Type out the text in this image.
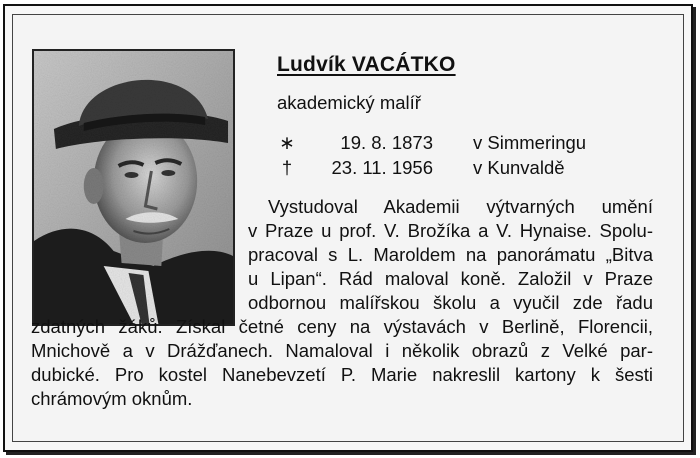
Ludvík VACÁTKO
akademický malíř
∗	19. 8. 1873 v Simmeringu
†	23. 11. 1956 v Kunvaldě
Vystudoval Akademii výtvarných umění
v Praze u prof. V. Brožíka a V. Hynaise. Spolu-
pracoval s L. Maroldem na panorámatu „Bitva
u Lipan“. Rád maloval koně. Založil v Praze
odbornou malířskou školu a vyučil zde řadu
zdatných žáků. Získal četné ceny na výstavách v Berlině, Florencii,
Mnichově a v Drážďanech. Namaloval i několik obrazů z Velké par-
dubické. Pro kostel Nanebevzetí P. Marie nakreslil kartony k šesti
chrámovým oknům.
